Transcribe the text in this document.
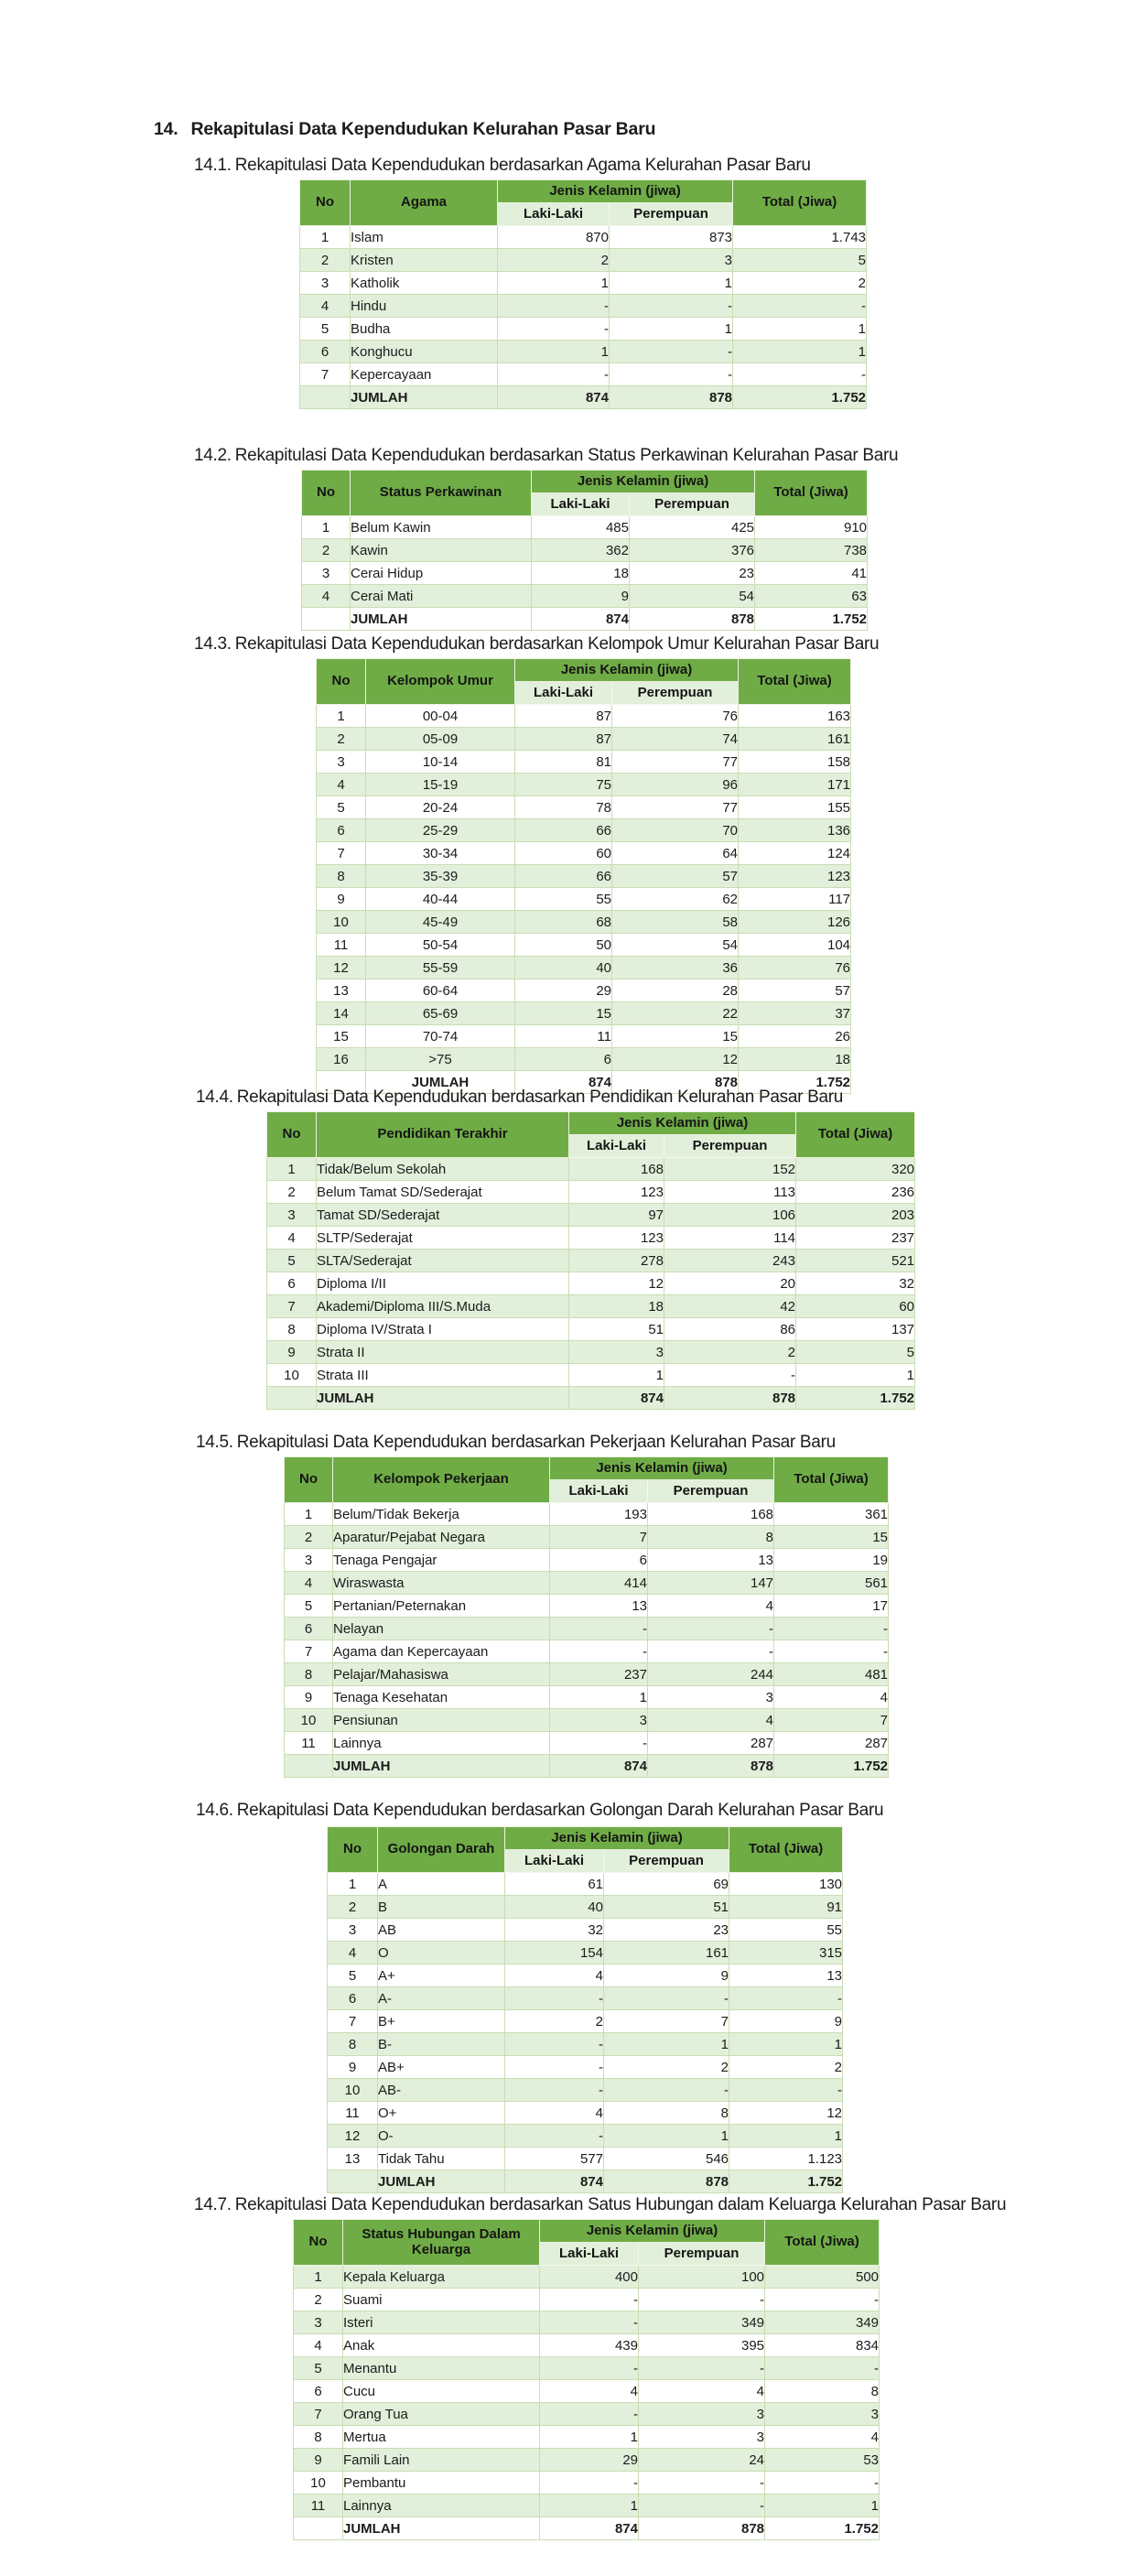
14. Rekapitulasi Data Kependudukan Kelurahan Pasar Baru
14.1. Rekapitulasi Data Kependudukan berdasarkan Agama Kelurahan Pasar Baru
No	Agama	Jenis Kelamin (jiwa)		Total (Jiwa)
		Laki-Laki	Perempuan	
1	Islam	870	873	1.743
2	Kristen	2	3	5
3	Katholik	1	1	2
4	Hindu	-	-	-
5	Budha	-	1	1
6	Konghucu	1	-	1
7	Kepercayaan	-	-	-
	JUMLAH	874	878	1.752
14.2. Rekapitulasi Data Kependudukan berdasarkan Status Perkawinan Kelurahan Pasar Baru
No	Status Perkawinan	Jenis Kelamin (jiwa)		Total (Jiwa)
		Laki-Laki	Perempuan	
1	Belum Kawin	485	425	910
2	Kawin	362	376	738
3	Cerai Hidup	18	23	41
4	Cerai Mati	9	54	63
	JUMLAH	874	878	1.752
14.3. Rekapitulasi Data Kependudukan berdasarkan Kelompok Umur Kelurahan Pasar Baru
No	Kelompok Umur	Jenis Kelamin (jiwa)		Total (Jiwa)
		Laki-Laki	Perempuan	
1	00-04	87	76	163
2	05-09	87	74	161
3	10-14	81	77	158
4	15-19	75	96	171
5	20-24	78	77	155
6	25-29	66	70	136
7	30-34	60	64	124
8	35-39	66	57	123
9	40-44	55	62	117
10	45-49	68	58	126
11	50-54	50	54	104
12	55-59	40	36	76
13	60-64	29	28	57
14	65-69	15	22	37
15	70-74	11	15	26
16	>75	6	12	18
	JUMLAH	874	878	1.752
14.4. Rekapitulasi Data Kependudukan berdasarkan Pendidikan Kelurahan Pasar Baru
No	Pendidikan Terakhir	Jenis Kelamin (jiwa)		Total (Jiwa)
		Laki-Laki	Perempuan	
1	Tidak/Belum Sekolah	168	152	320
2	Belum Tamat SD/Sederajat	123	113	236
3	Tamat SD/Sederajat	97	106	203
4	SLTP/Sederajat	123	114	237
5	SLTA/Sederajat	278	243	521
6	Diploma I/II	12	20	32
7	Akademi/Diploma III/S.Muda	18	42	60
8	Diploma IV/Strata I	51	86	137
9	Strata II	3	2	5
10	Strata III	1	-	1
	JUMLAH	874	878	1.752
14.5. Rekapitulasi Data Kependudukan berdasarkan Pekerjaan Kelurahan Pasar Baru
No	Kelompok Pekerjaan	Jenis Kelamin (jiwa)		Total (Jiwa)
		Laki-Laki	Perempuan	
1	Belum/Tidak Bekerja	193	168	361
2	Aparatur/Pejabat Negara	7	8	15
3	Tenaga Pengajar	6	13	19
4	Wiraswasta	414	147	561
5	Pertanian/Peternakan	13	4	17
6	Nelayan	-	-	-
7	Agama dan Kepercayaan	-	-	-
8	Pelajar/Mahasiswa	237	244	481
9	Tenaga Kesehatan	1	3	4
10	Pensiunan	3	4	7
11	Lainnya	-	287	287
	JUMLAH	874	878	1.752
14.6. Rekapitulasi Data Kependudukan berdasarkan Golongan Darah Kelurahan Pasar Baru
No	Golongan Darah	Jenis Kelamin (jiwa)		Total (Jiwa)
		Laki-Laki	Perempuan	
1	A	61	69	130
2	B	40	51	91
3	AB	32	23	55
4	O	154	161	315
5	A+	4	9	13
6	A-	-	-	-
7	B+	2	7	9
8	B-	-	1	1
9	AB+	-	2	2
10	AB-	-	-	-
11	O+	4	8	12
12	O-	-	1	1
13	Tidak Tahu	577	546	1.123
	JUMLAH	874	878	1.752
14.7. Rekapitulasi Data Kependudukan berdasarkan Satus Hubungan dalam Keluarga Kelurahan Pasar Baru
No	Status Hubungan Dalam Keluarga	Jenis Kelamin (jiwa)		Total (Jiwa)
		Laki-Laki	Perempuan	
1	Kepala Keluarga	400	100	500
2	Suami	-	-	-
3	Isteri	-	349	349
4	Anak	439	395	834
5	Menantu	-	-	-
6	Cucu	4	4	8
7	Orang Tua	-	3	3
8	Mertua	1	3	4
9	Famili Lain	29	24	53
10	Pembantu	-	-	-
11	Lainnya	1	-	1
	JUMLAH	874	878	1.752
